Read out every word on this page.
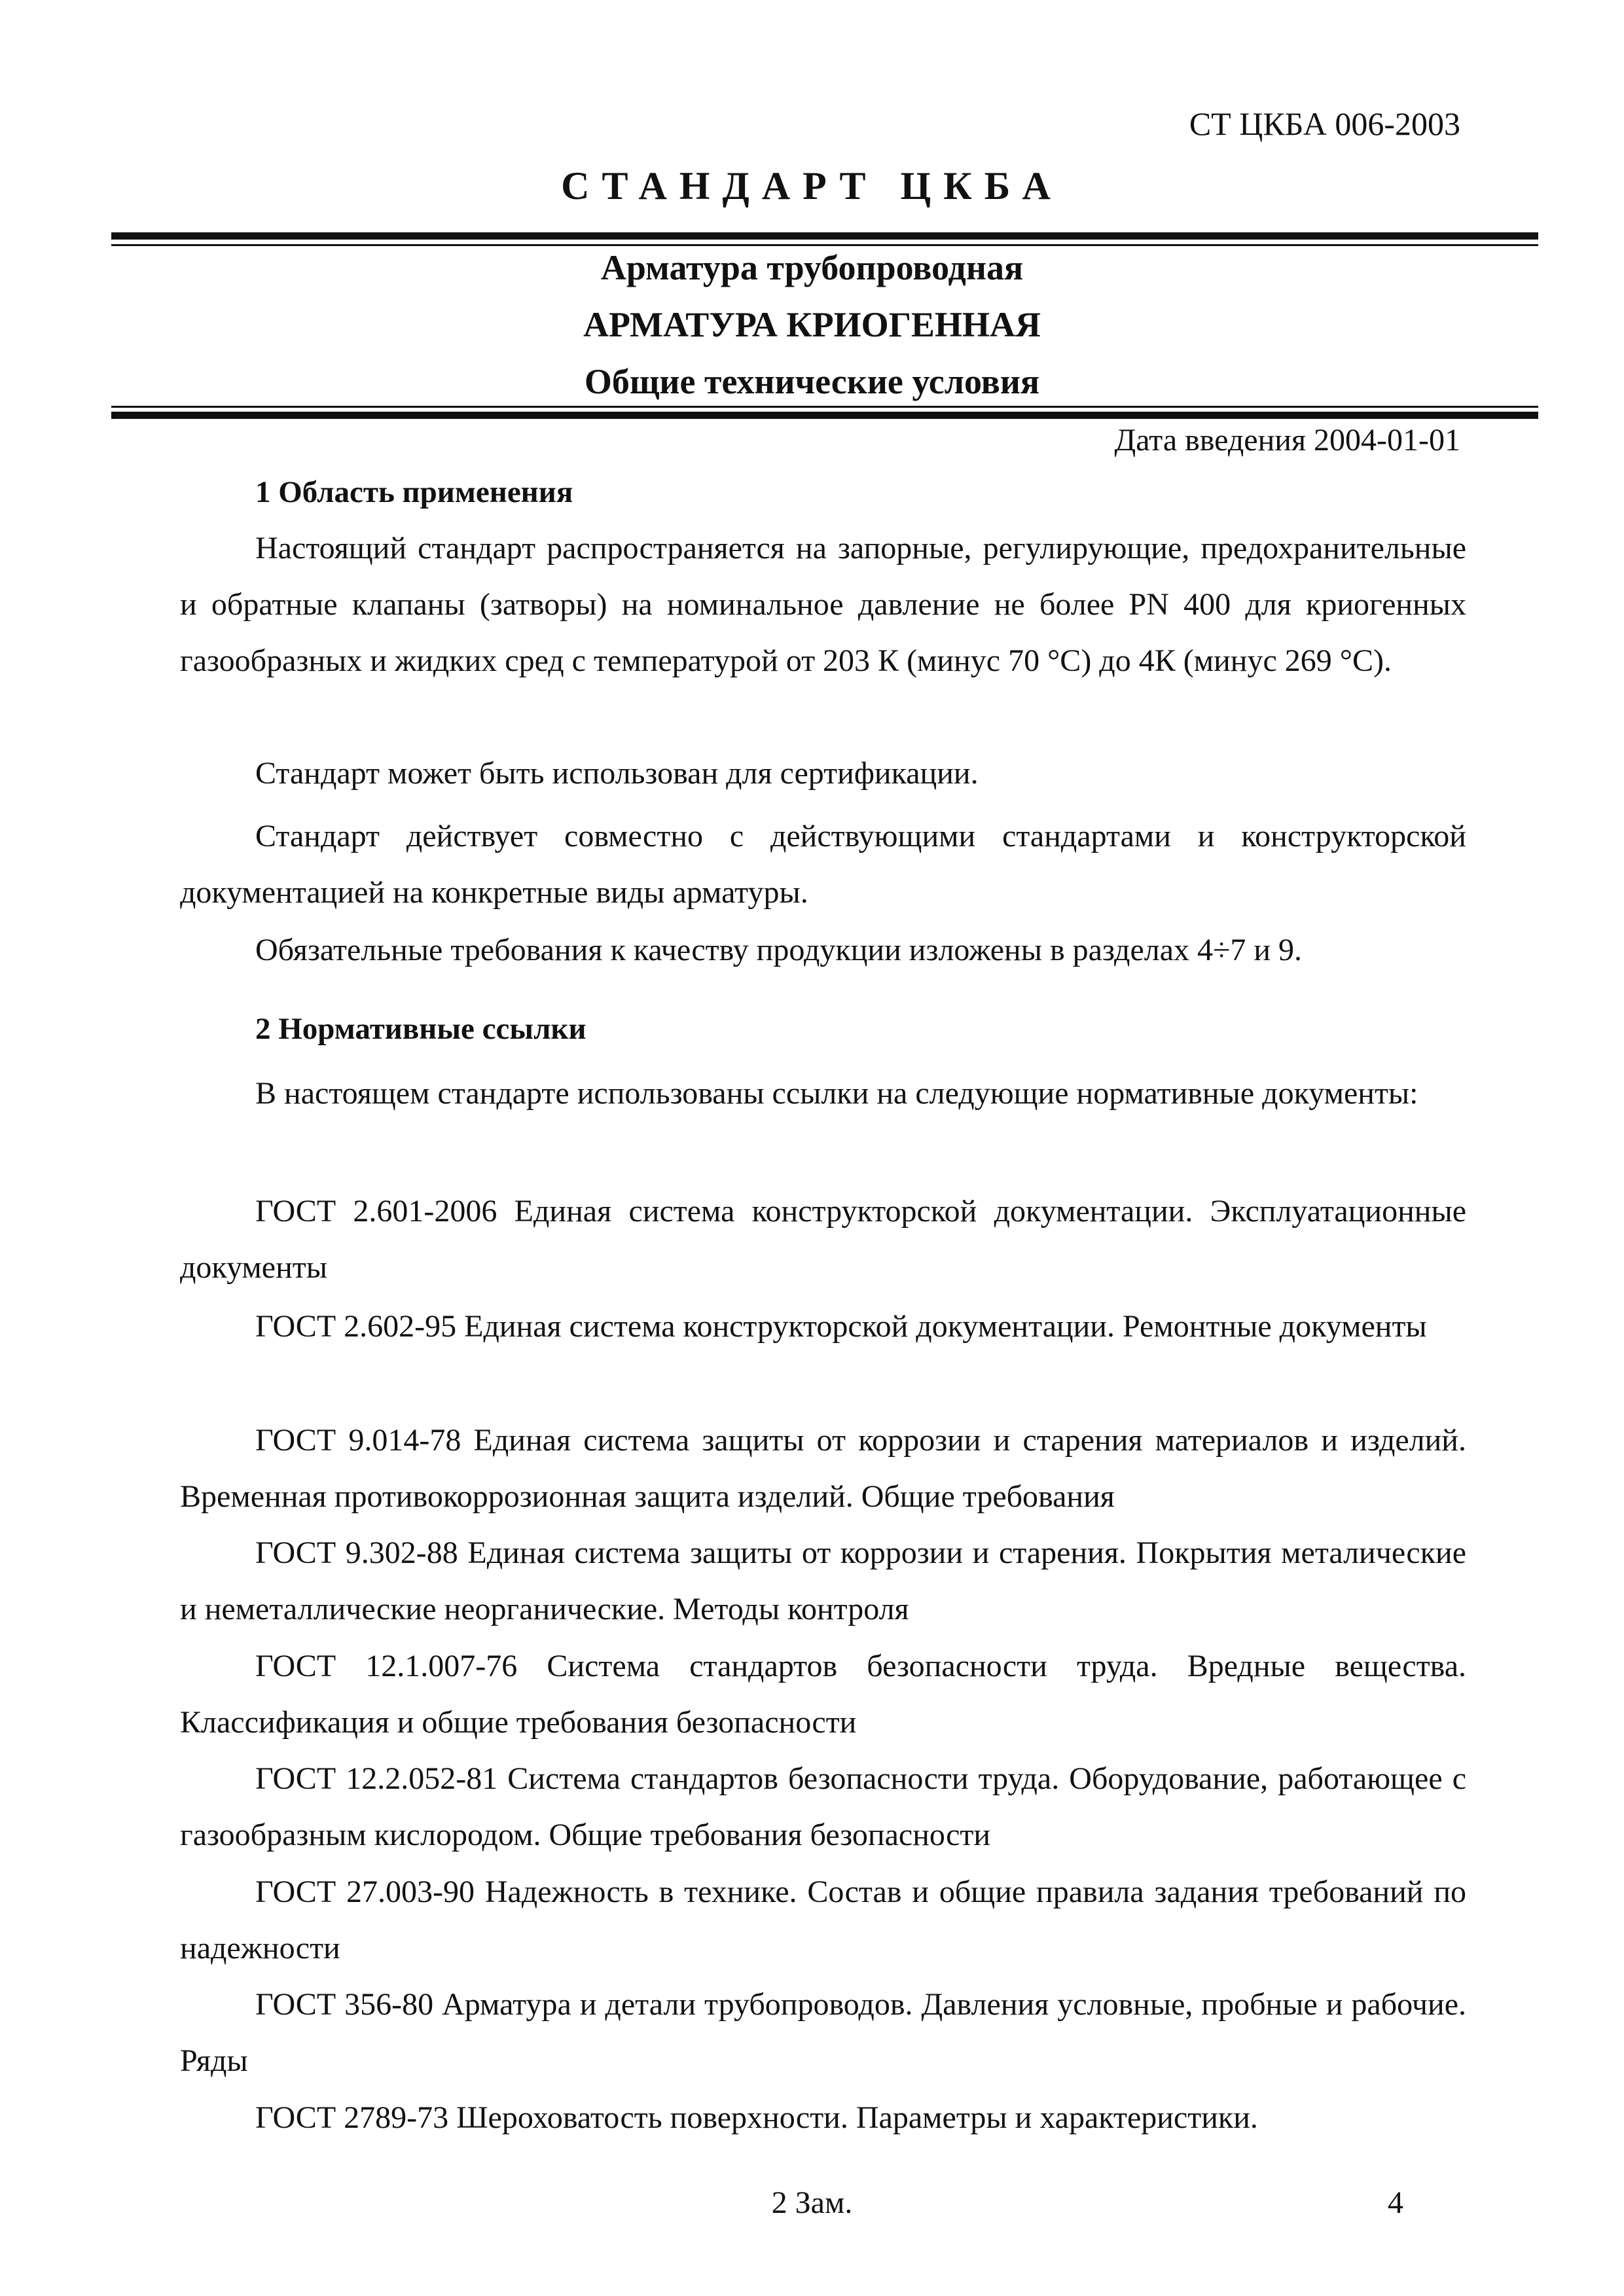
СТ ЦКБА 006-2003
СТАНДАРТ ЦКБА
Арматура трубопроводная
АРМАТУРА КРИОГЕННАЯ
Общие технические условия
Дата введения 2004-01-01
1 Область применения

Настоящий стандарт распространяется на запорные, регулирующие, предохранительные и обратные клапаны (затворы) на номинальное давление не более PN 400 для криогенных газообразных и жидких сред с температурой от 203 К (минус 70 °С) до 4К (минус 269 °С).

Стандарт может быть использован для сертификации.

Стандарт действует совместно с действующими стандартами и конструкторской документацией на конкретные виды арматуры.

Обязательные требования к качеству продукции изложены в разделах 4÷7 и 9.

2 Нормативные ссылки

В настоящем стандарте использованы ссылки на следующие нормативные документы:

ГОСТ 2.601-2006 Единая система конструкторской документации. Эксплуатационные документы

ГОСТ 2.602-95 Единая система конструкторской документации. Ремонтные документы

ГОСТ 9.014-78 Единая система защиты от коррозии и старения материалов и изделий. Временная противокоррозионная защита изделий. Общие требования

ГОСТ 9.302-88 Единая система защиты от коррозии и старения. Покрытия металические и неметаллические неорганические. Методы контроля

ГОСТ 12.1.007-76 Система стандартов безопасности труда. Вредные вещества. Классификация и общие требования безопасности

ГОСТ 12.2.052-81 Система стандартов безопасности труда. Оборудование, работающее с газообразным кислородом. Общие требования безопасности

ГОСТ 27.003-90 Надежность в технике. Состав и общие правила задания требований по надежности

ГОСТ 356-80 Арматура и детали трубопроводов. Давления условные, пробные и рабочие. Ряды

ГОСТ 2789-73 Шероховатость поверхности. Параметры и характеристики.

2 Зам.	4
